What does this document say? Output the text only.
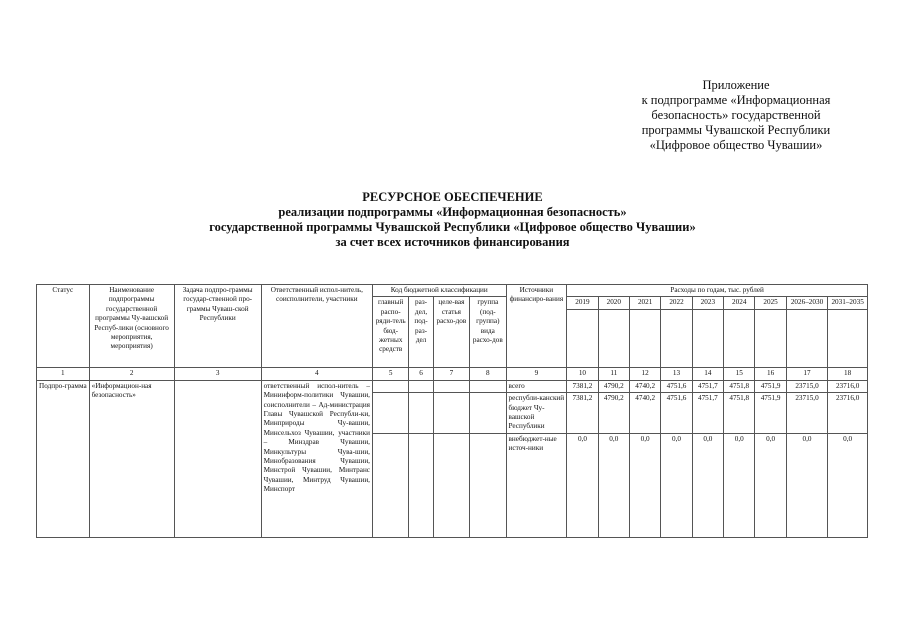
Приложение
к подпрограмме «Информационная
безопасность» государственной
программы Чувашской Республики
«Цифровое общество Чувашии»
РЕСУРСНОЕ ОБЕСПЕЧЕНИЕ
реализации подпрограммы «Информационная безопасность»
государственной программы Чувашской Республики «Цифровое общество Чувашии»
за счет всех источников финансирования
Статус	Наименование подпрограммы государственной программы Чу-вашской Респуб-лики (основного мероприятия, мероприятия)	Задача подпро-граммы государ-ственной про-граммы Чуваш-ской Республики	Ответственный испол-нитель, соисполнители, участники	Код бюджетной классификации				Источники финансиро-вания	Расходы по годам, тыс. рублей								
				главный распо-ряди-тель бюд-жетных средств	раз-дел, под-раз-дел	целе-вая статья расхо-дов	группа (под-группа) вида расхо-дов		2019	2020	2021	2022	2023	2024	2025	2026–2030	2031–2035

1	2	3	4	5	6	7	8	9	10	11	12	13	14	15	16	17	18
Подпро-грамма	«Информацион-ная безопасность»		ответственный испол-нитель – Мининформ-политики Чувашии, соисполнители – Ад-министрация Главы Чувашской Республи-ки, Минприроды Чу-вашии, Минсельхоз Чувашии, участники – Минздрав Чувашии, Минкультуры Чува-шии, Минобразования Чувашии, Минстрой Чувашии, Минтранс Чувашии, Минтруд Чувашии, Минспорт					всего	7381,2	4790,2	4740,2	4751,6	4751,7	4751,8	4751,9	23715,0	23716,0
								республи-канский бюджет Чу-вашской Республики	7381,2	4790,2	4740,2	4751,6	4751,7	4751,8	4751,9	23715,0	23716,0
								внебюджет-ные источ-ники	0,0	0,0	0,0	0,0	0,0	0,0	0,0	0,0	0,0
